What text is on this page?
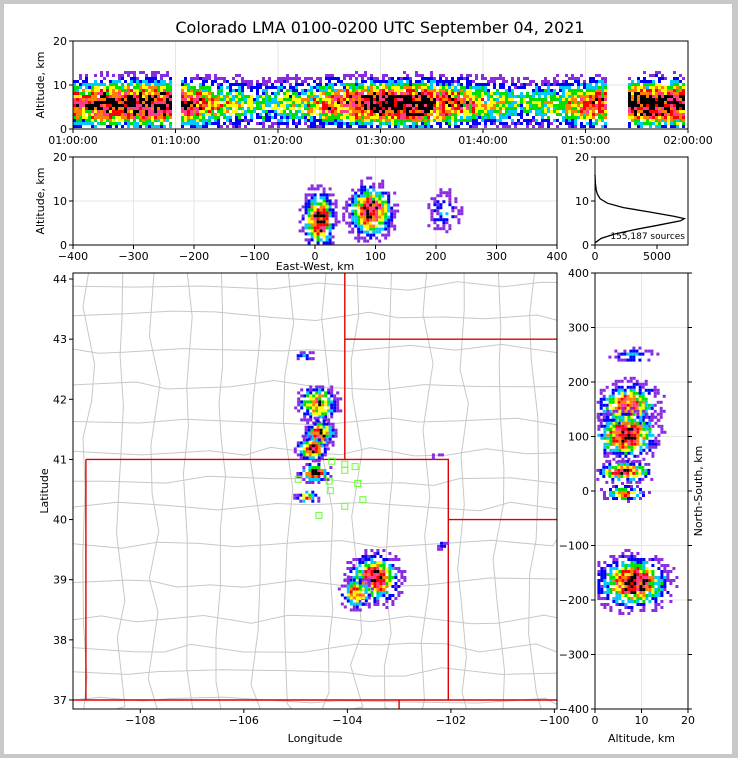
Colorado LMA 0100-0200 UTC September 04, 2021
Altitude, km
01:00:00	01:10:00	01:20:00	01:30:00	01:40:00	01:50:00	02:00:00
0
10
20
East-West, km
Altitude, km
−400	−300	−200	−100	0	100	200	300	400
0
10
20
155,187 sources
0	5000
0
10
20
Longitude
Latitude
−108	−106	−104	−102	−100
37
38
39
40
41
42
43
44
Altitude, km
North-South, km
0	10	20
−400
−300
−200
−100
0
100
200
300
400
